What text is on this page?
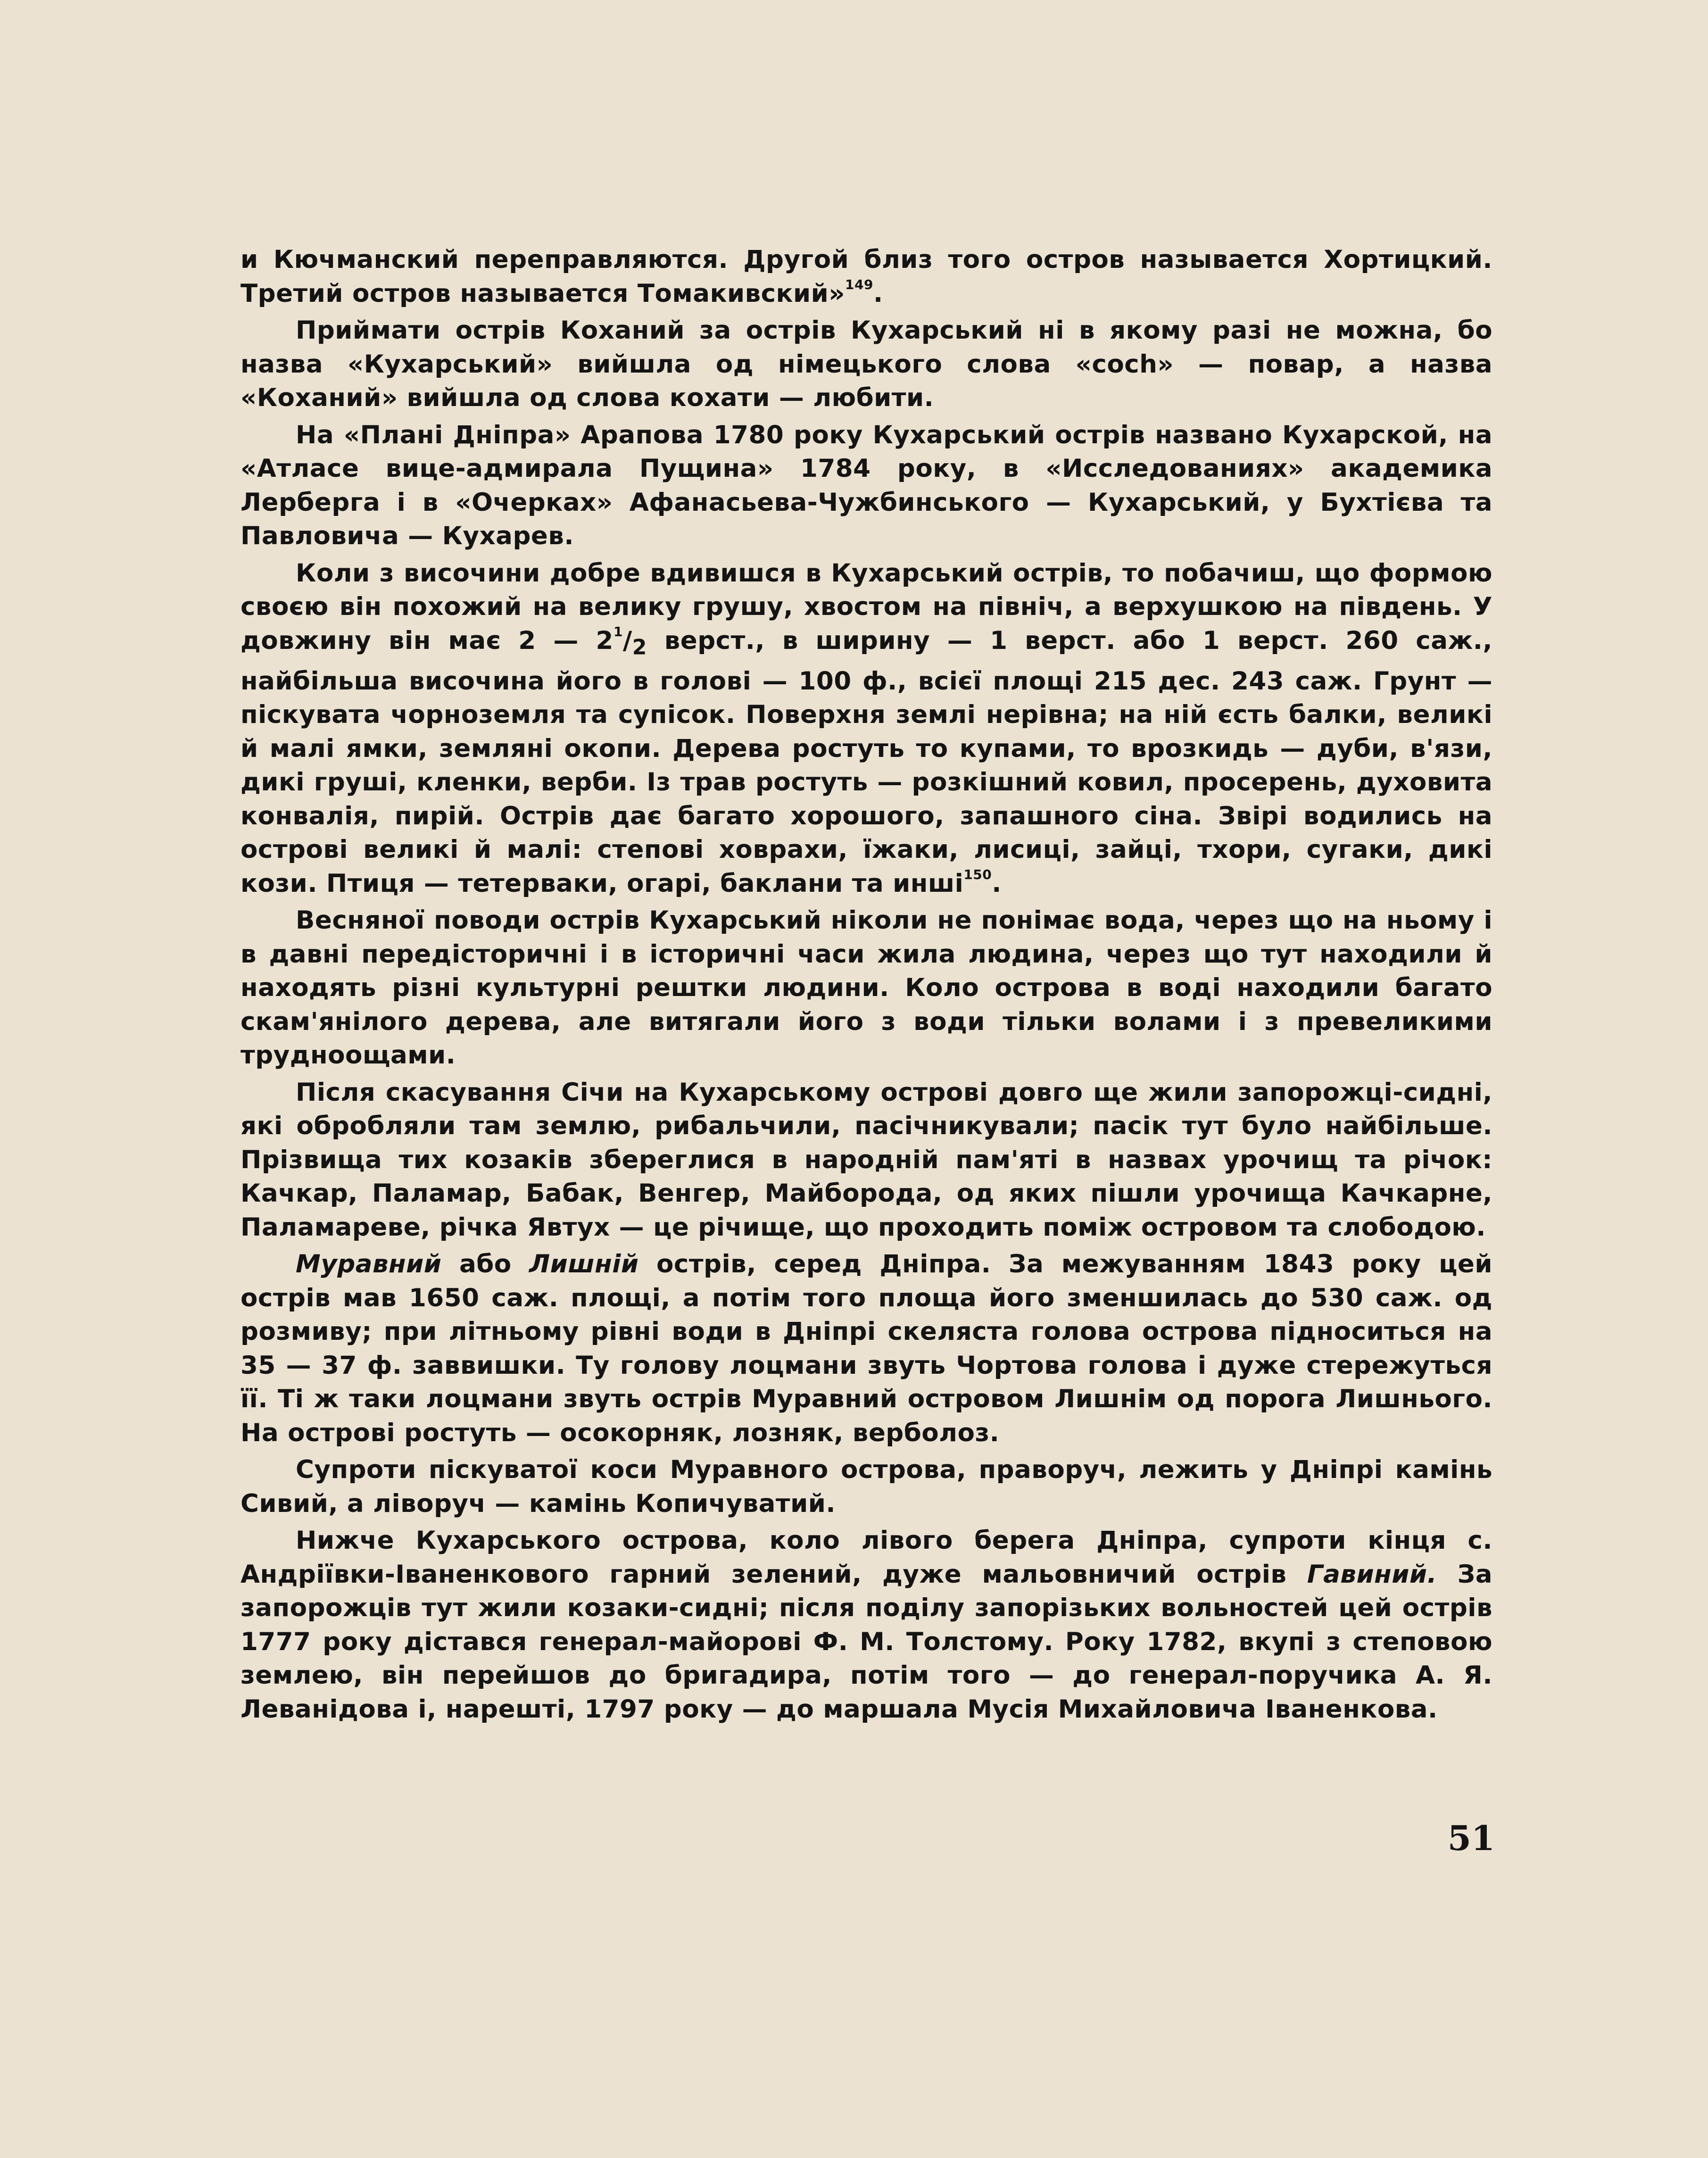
и Кючманский переправляются. Другой близ того остров называется Хортицкий. Третий остров называется Томакивский»$^{149}$.

Приймати острів Коханий за острів Кухарський ні в якому разі не можна, бо назва «Кухарський» вийшла од німецького слова «coch» — повар, а назва «Коханий» вийшла од слова кохати — любити.

На «Плані Дніпра» Арапова 1780 року Кухарський острів названо Кухарской, на «Атласе вице-адмирала Пущина» 1784 року, в «Исследованиях» академика Лерберга і в «Очерках» Афанасьева-Чужбинського — Кухарський, у Бухтієва та Павловича — Кухарев.

Коли з височини добре вдивишся в Кухарський острів, то побачиш, що формою своєю він похожий на велику грушу, хвостом на північ, а верхушкою на південь. У довжину він має 2 — $2^1/_2$ верст., в ширину — 1 верст. або 1 верст. 260 саж., найбільша височина його в голові — 100 ф., всієї площі 215 дес. 243 саж. Грунт — піскувата чорноземля та супісок. Поверхня землі нерівна; на ній єсть балки, великі й малі ямки, земляні окопи. Дерева ростуть то купами, то врозкидь — дуби, в'язи, дикі груші, кленки, верби. Із трав ростуть — розкішний ковил, просерень, духовита конвалія, пирій. Острів дає багато хорошого, запашного сіна. Звірі водились на острові великі й малі: степові ховрахи, їжаки, лисиці, зайці, тхори, сугаки, дикі кози. Птиця — тетерваки, огарі, баклани та инші$^{150}$.

Весняної поводи острів Кухарський ніколи не понімає вода, через що на ньому і в давні передісторичні і в історичні часи жила людина, через що тут находили й находять різні культурні рештки людини. Коло острова в воді находили багато скам'янілого дерева, але витягали його з води тільки волами і з превеликими трудноощами.

Після скасування Січи на Кухарському острові довго ще жили запорожці-сидні, які обробляли там землю, рибальчили, пасічникували; пасік тут було найбільше. Прізвища тих козаків зберeглися в народній пам'яті в назвах урочищ та річок: Качкар, Паламар, Бабак, Венгер, Майборода, од яких пішли урочища Качкарне, Паламареве, річка Явтух — це річище, що проходить поміж островом та слободою.

Муравний або Лишній острів, серед Дніпра. За межуванням 1843 року цей острів мав 1650 саж. площі, а потім того площа його зменшилась до 530 саж. од розмиву; при літньому рівні води в Дніпрі скеляста голова острова підноситься на 35 — 37 ф. заввишки. Ту голову лоцмани звуть Чортова голова і дуже стережуться її. Ті ж таки лоцмани звуть острів Муравний островом Лишнім од порога Лишнього. На острові ростуть — осокорняк, лозняк, верболоз.

Супроти піскуватої коси Муравного острова, праворуч, лежить у Дніпрі камінь Сивий, а ліворуч — камінь Копичуватий.

Нижче Кухарського острова, коло лівого берега Дніпра, супроти кінця с. Андріївки-Іваненкового гарний зелений, дуже мальовничий острів Гавиний. За запорожців тут жили козаки-сидні; після поділу запорізьких вольностей цей острів 1777 року дістався генерал-майорові Ф. М. Толстому. Року 1782, вкупі з степовою землею, він перейшов до бригадира, потім того — до генерал-поручика А. Я. Леванідова і, нарешті, 1797 року — до маршала Мусія Михайловича Іваненкова.

51
